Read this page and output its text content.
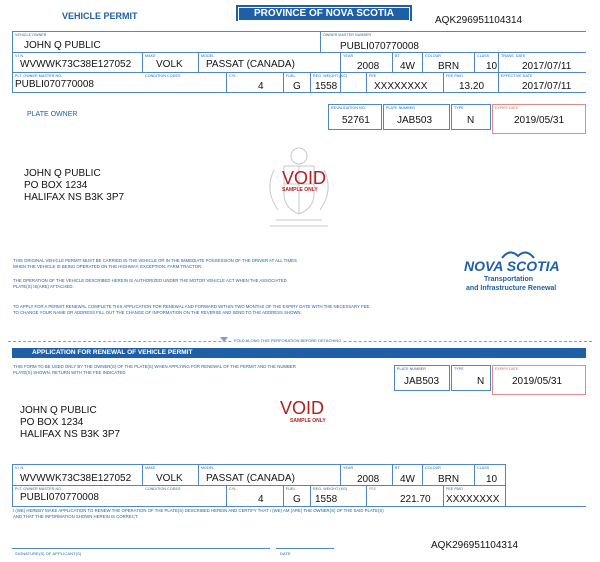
VEHICLE PERMIT	PROVINCE OF NOVA SCOTIA
AQK296951104314
VEHICLE OWNER
JOHN Q PUBLIC
OWNER MASTER NUMBER
PUBLI070770008
V.I.N.
WVWWK73C38E127052
MAKE
VOLK
MODEL
PASSAT (CANADA)
YEAR
2008
BT
4W
COLOUR
BRN
CLASS
10
TRANS. DATE
2017/07/11
PLT. OWNER MASTER NO.
PUBLI070770008
CONDITION CODES	CYL
4
FUEL
G
REG. WEIGHT (KG)
1558
FEE
XXXXXXXX
FEE PAID
13.20
EFFECTIVE DATE
2017/07/11
PLATE OWNER
REVALIDATION NO.
52761
PLATE NUMBER
JAB503
TYPE
N
EXPIRY DATE
2019/05/31
JOHN Q PUBLIC
PO BOX 1234
HALIFAX NS B3K 3P7
VOID
SAMPLE ONLY
THIS ORIGINAL VEHICLE PERMIT MUST BE CARRIED IN THE VEHICLE OR IN THE IMMEDIATE POSSESSION OF THE DRIVER AT ALL TIMES
WHEN THE VEHICLE IS BEING OPERATED ON THE HIGHWAY, EXCEPTION: FARM TRACTOR.
THE OPERATION OF THE VEHICLE DESCRIBED HEREIN IS AUTHORIZED UNDER THE MOTOR VEHICLE ACT WHEN THE ASSOCIATED
PLATE(S) IS(ARE) ATTACHED.
NOVA SCOTIA
Transportation
and Infrastructure Renewal
TO APPLY FOR A PERMIT RENEWAL COMPLETE THIS APPLICATION FOR RENEWAL AND FORWARD WITHIN TWO MONTHS OF THE EXPIRY DATE WITH THE NECESSARY FEE.
TO CHANGE YOUR NAME OR ADDRESS FILL OUT THE CHANGE OF INFORMATION ON THE REVERSE AND SEND TO THE ADDRESS SHOWN.
FOLD ALONG THIS PERFORATION BEFORE DETACHING
APPLICATION FOR RENEWAL OF VEHICLE PERMIT
THIS FORM TO BE USED ONLY BY THE OWNER(S) OF THE PLATE(S) WHEN APPLYING FOR RENEWAL OF THE PERMIT AND THE NUMBER
PLATE(S) SHOWN. RETURN WITH THE FEE INDICATED
PLATE NUMBER
JAB503
TYPE
N
EXPIRY DATE
2019/05/31
JOHN Q PUBLIC
PO BOX 1234
HALIFAX NS B3K 3P7
VOID
SAMPLE ONLY
V.I.N.
WVWWK73C38E127052
MAKE
VOLK
MODEL
PASSAT (CANADA)
YEAR
2008
BT
4W
COLOUR
BRN
CLASS
10
PLT. OWNER MASTER NO.
PUBLI070770008
CONDITION CODES	CYL
4
FUEL
G
REG. WEIGHT (KG)
1558
FEE
221.70
FEE PAID
XXXXXXXX
I (WE) HEREBY MAKE APPLICATION TO RENEW THE OPERATION OF THE PLATE(S) DESCRIBED HEREIN AND CERTIFY THAT I (WE) AM (ARE) THE OWNER(S) OF THE SAID PLATE(S)
AND THAT THE INFORMATION SHOWN HEREIN IS CORRECT.
SIGNATURE(S) OF APPLICANT(S)	DATE
AQK296951104314
